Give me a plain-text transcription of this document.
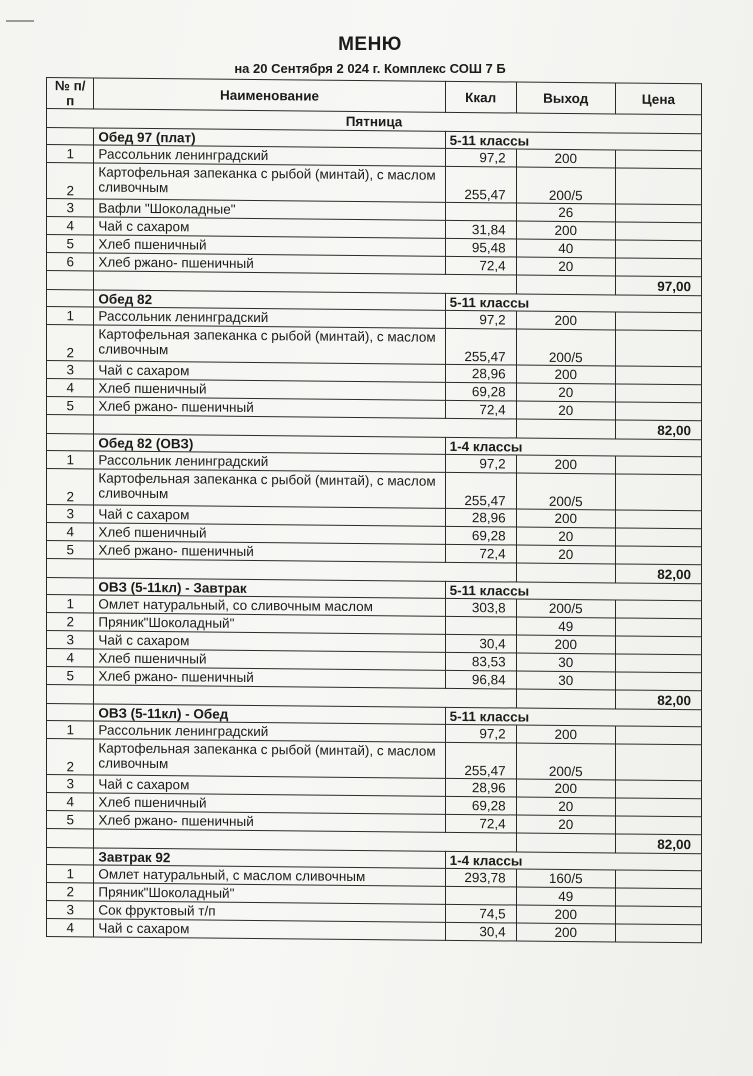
МЕНЮ
на 20 Сентября 2 024 г. Комплекс СОШ 7 Б
№ п/п	Наименование	Ккал	Выход	Цена
Пятница				
	Обед 97 (плат)	5-11 классы		
1	Рассольник ленинградский	97,2	200	
2	Картофельная запеканка с рыбой (минтай), с маслом сливочным	255,47	200/5	
3	Вафли "Шоколадные"		26	
4	Чай с сахаром	31,84	200	
5	Хлеб пшеничный	95,48	40	
6	Хлеб ржано- пшеничный	72,4	20	
				97,00
	Обед 82	5-11 классы		
1	Рассольник ленинградский	97,2	200	
2	Картофельная запеканка с рыбой (минтай), с маслом сливочным	255,47	200/5	
3	Чай с сахаром	28,96	200	
4	Хлеб пшеничный	69,28	20	
5	Хлеб ржано- пшеничный	72,4	20	
				82,00
	Обед 82 (ОВЗ)	1-4 классы		
1	Рассольник ленинградский	97,2	200	
2	Картофельная запеканка с рыбой (минтай), с маслом сливочным	255,47	200/5	
3	Чай с сахаром	28,96	200	
4	Хлеб пшеничный	69,28	20	
5	Хлеб ржано- пшеничный	72,4	20	
				82,00
	ОВЗ (5-11кл) - Завтрак	5-11 классы		
1	Омлет натуральный, со сливочным маслом	303,8	200/5	
2	Пряник"Шоколадный"		49	
3	Чай с сахаром	30,4	200	
4	Хлеб пшеничный	83,53	30	
5	Хлеб ржано- пшеничный	96,84	30	
				82,00
	ОВЗ (5-11кл) - Обед	5-11 классы		
1	Рассольник ленинградский	97,2	200	
2	Картофельная запеканка с рыбой (минтай), с маслом сливочным	255,47	200/5	
3	Чай с сахаром	28,96	200	
4	Хлеб пшеничный	69,28	20	
5	Хлеб ржано- пшеничный	72,4	20	
				82,00
	Завтрак 92	1-4 классы		
1	Омлет натуральный, с маслом сливочным	293,78	160/5	
2	Пряник"Шоколадный"		49	
3	Сок фруктовый т/п	74,5	200	
4	Чай с сахаром	30,4	200	
